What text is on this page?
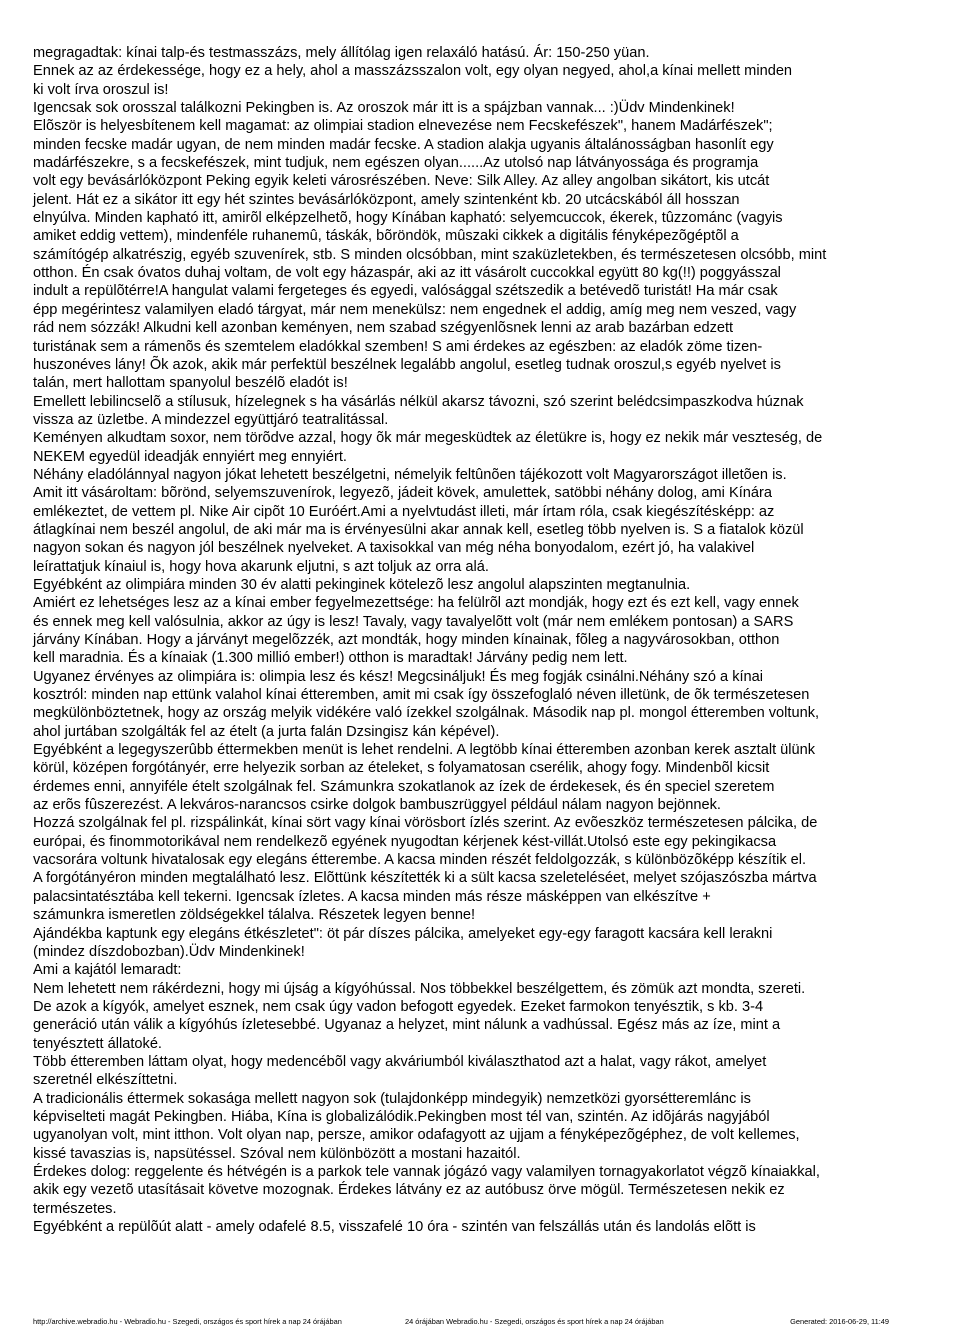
megragadtak: kínai talp-és testmasszázs, mely állítólag igen relaxáló hatású. Ár: 150-250 yüan.

Ennek az az érdekessége, hogy ez a hely, ahol a masszázsszalon volt, egy olyan negyed, ahol,a kínai mellett minden
ki volt írva oroszul is!

Igencsak sok orosszal találkozni Pekingben is. Az oroszok már itt is a spájzban vannak... :)Üdv Mindenkinek!

Elõször is helyesbítenem kell magamat: az olimpiai stadion elnevezése nem Fecskefészek", hanem Madárfészek";
minden fecske madár ugyan, de nem minden madár fecske. A stadion alakja ugyanis általánosságban hasonlít egy
madárfészekre, s a fecskefészek, mint tudjuk, nem egészen olyan......Az utolsó nap látványossága és programja
volt egy bevásárlóközpont Peking egyik keleti városrészében. Neve: Silk Alley. Az alley angolban sikátort, kis utcát
jelent. Hát ez a sikátor itt egy hét szintes bevásárlóközpont, amely szintenként kb. 20 utcácskából áll hosszan
elnyúlva. Minden kapható itt, amirõl elképzelhetõ, hogy Kínában kapható: selyemcuccok, ékerek, tûzzománc (vagyis
amiket eddig vettem), mindenféle ruhanemû, táskák, bõröndök, mûszaki cikkek a digitális fényképezõgéptõl a
számítógép alkatrészig, egyéb szuvenírek, stb. S minden olcsóbban, mint szaküzletekben, és természetesen olcsóbb, mint
otthon. Én csak óvatos duhaj voltam, de volt egy házaspár, aki az itt vásárolt cuccokkal együtt 80 kg(!!) poggyásszal
indult a repülõtérre!A hangulat valami fergeteges és egyedi, valósággal szétszedik a betévedõ turistát! Ha már csak
épp megérintesz valamilyen eladó tárgyat, már nem menekülsz: nem engednek el addig, amíg meg nem veszed, vagy
rád nem sózzák! Alkudni kell azonban keményen, nem szabad szégyenlõsnek lenni az arab bazárban edzett
turistának sem a rámenõs és szemtelem eladókkal szemben! S ami érdekes az egészben: az eladók zöme tizen-
huszonéves lány! Õk azok, akik már perfektül beszélnek legalább angolul, esetleg tudnak oroszul,s egyéb nyelvet is
talán, mert hallottam spanyolul beszélõ eladót is!

Emellett lebilincselõ a stílusuk, hízelegnek s ha vásárlás nélkül akarsz távozni, szó szerint belédcsimpaszkodva húznak
vissza az üzletbe. A mindezzel együttjáró teatralitással.

Keményen alkudtam soxor, nem törõdve azzal, hogy õk már megesküdtek az életükre is, hogy ez nekik már veszteség, de
NEKEM egyedül ideadják ennyiért meg ennyiért.

Néhány eladólánnyal nagyon jókat lehetett beszélgetni, némelyik feltûnõen tájékozott volt Magyarországot illetõen is.

Amit itt vásároltam: bõrönd, selyemszuvenírok, legyezõ, jádeit kövek, amulettek, satöbbi néhány dolog, ami Kínára
emlékeztet, de vettem pl. Nike Air cipõt 10 Euróért.Ami a nyelvtudást illeti, már írtam róla, csak kiegészítésképp: az
átlagkínai nem beszél angolul, de aki már ma is érvényesülni akar annak kell, esetleg több nyelven is. S a fiatalok közül
nagyon sokan és nagyon jól beszélnek nyelveket. A taxisokkal van még néha bonyodalom, ezért jó, ha valakivel
leírattatjuk kínaiul is, hogy hova akarunk eljutni, s azt toljuk az orra alá.

Egyébként az olimpiára minden 30 év alatti pekinginek kötelezõ lesz angolul alapszinten megtanulnia.

Amiért ez lehetséges lesz az a kínai ember fegyelmezettsége: ha felülrõl azt mondják, hogy ezt és ezt kell, vagy ennek
és ennek meg kell valósulnia, akkor az úgy is lesz! Tavaly, vagy tavalyelõtt volt (már nem emlékem pontosan) a SARS
járvány Kínában. Hogy a járványt megelõzzék, azt mondták, hogy minden kínainak, fõleg a nagyvárosokban, otthon
kell maradnia. És a kínaiak (1.300 millió ember!) otthon is maradtak! Járvány pedig nem lett.

Ugyanez érvényes az olimpiára is: olimpia lesz és kész! Megcsinálјuk! És meg fogják csinálni.Néhány szó a kínai
kosztról: minden nap ettünk valahol kínai étteremben, amit mi csak így összefoglaló néven illetünk, de õk természetesen
megkülönböztetnek, hogy az ország melyik vidékére való ízekkel szolgálnak. Második nap pl. mongol étteremben voltunk,
ahol jurtában szolgálták fel az ételt (a jurta falán Dzsingisz kán képével).

Egyébként a legegyszerûbb éttermekben menüt is lehet rendelni. A legtöbb kínai étteremben azonban kerek asztalt ülünk
körül, középen forgótányér, erre helyezik sorban az ételeket, s folyamatosan cserélik, ahogy fogy. Mindenbõl kicsit
érdemes enni, annyiféle ételt szolgálnak fel. Számunkra szokatlanok az ízek de érdekesek, és én speciel szeretem
az erõs fûszerezést. A lekváros-narancsos csirke dolgok bambuszrüggyel például nálam nagyon bejönnek.

Hozzá szolgálnak fel pl. rizspálinkát, kínai sört vagy kínai vörösbort ízlés szerint. Az evõeszköz természetesen pálcika, de
európai, és finommotorikával nem rendelkezõ egyének nyugodtan kérjenek kést-villát.Utolsó este egy pekingikacsa
vacsorára voltunk hivatalosak egy elegáns étterembe. A kacsa minden részét feldolgozzák, s különbözõképp készítik el.
A forgótányéron minden megtalálható lesz. Elõttünk készítették ki a sült kacsa szeleteléséet, melyet szójaszószba mártva
palacsintatésztába kell tekerni. Igencsak ízletes. A kacsa minden más része másképpen van elkészítve +
számunkra ismeretlen zöldségekkel tálalva. Részetek legyen benne!

Ajándékba kaptunk egy elegáns étkészletet": öt pár díszes pálcika, amelyeket egy-egy faragott kacsára kell lerakni
(mindez díszdobozban).Üdv Mindenkinek!

Ami a kajától lemaradt:

Nem lehetett nem rákérdezni, hogy mi újság a kígyóhússal. Nos többekkel beszélgettem, és zömük azt mondta, szereti.
De azok a kígyók, amelyet esznek, nem csak úgy vadon befogott egyedek. Ezeket farmokon tenyésztik, s kb. 3-4
generáció után válik a kígyóhús ízletesebbé. Ugyanaz a helyzet, mint nálunk a vadhússal. Egész más az íze, mint a
tenyésztett állatoké.

Több étteremben láttam olyat, hogy medencébõl vagy akváriumból kiválaszthatod azt a halat, vagy rákot, amelyet
szeretnél elkészíttetni.

A tradicionális éttermek sokasága mellett nagyon sok (tulajdonképp mindegyik) nemzetközi gyorsétteremlánc is
képviselteti magát Pekingben. Hiába, Kína is globalizálódik.Pekingben most tél van, szintén. Az idõjárás nagyjából
ugyanolyan volt, mint itthon. Volt olyan nap, persze, amikor odafagyott az ujjam a fényképezõgéphez, de volt kellemes,
kissé tavaszias is, napsütéssel. Szóval nem különbözött a mostani hazaitól.

Érdekes dolog: reggelente és hétvégén is a parkok tele vannak jógázó vagy valamilyen tornagyakorlatot végzõ kínaiakkal,
akik egy vezetõ utasításait követve mozognak. Érdekes látvány ez az autóbusz örve mögül. Természetesen nekik ez
természetes.

Egyébként a repülõút alatt - amely odafelé 8.5, visszafelé 10 óra - szintén van felszállás után és landolás elõtt is

http://archive.webradio.hu - Webradio.hu - Szegedi, országos és sport hírek a nap 24 órájában	24 órájában Webradio.hu - Szegedi, országos és sport hírek a nap 24 órájában	Generated: 2016-06-29, 11:49
